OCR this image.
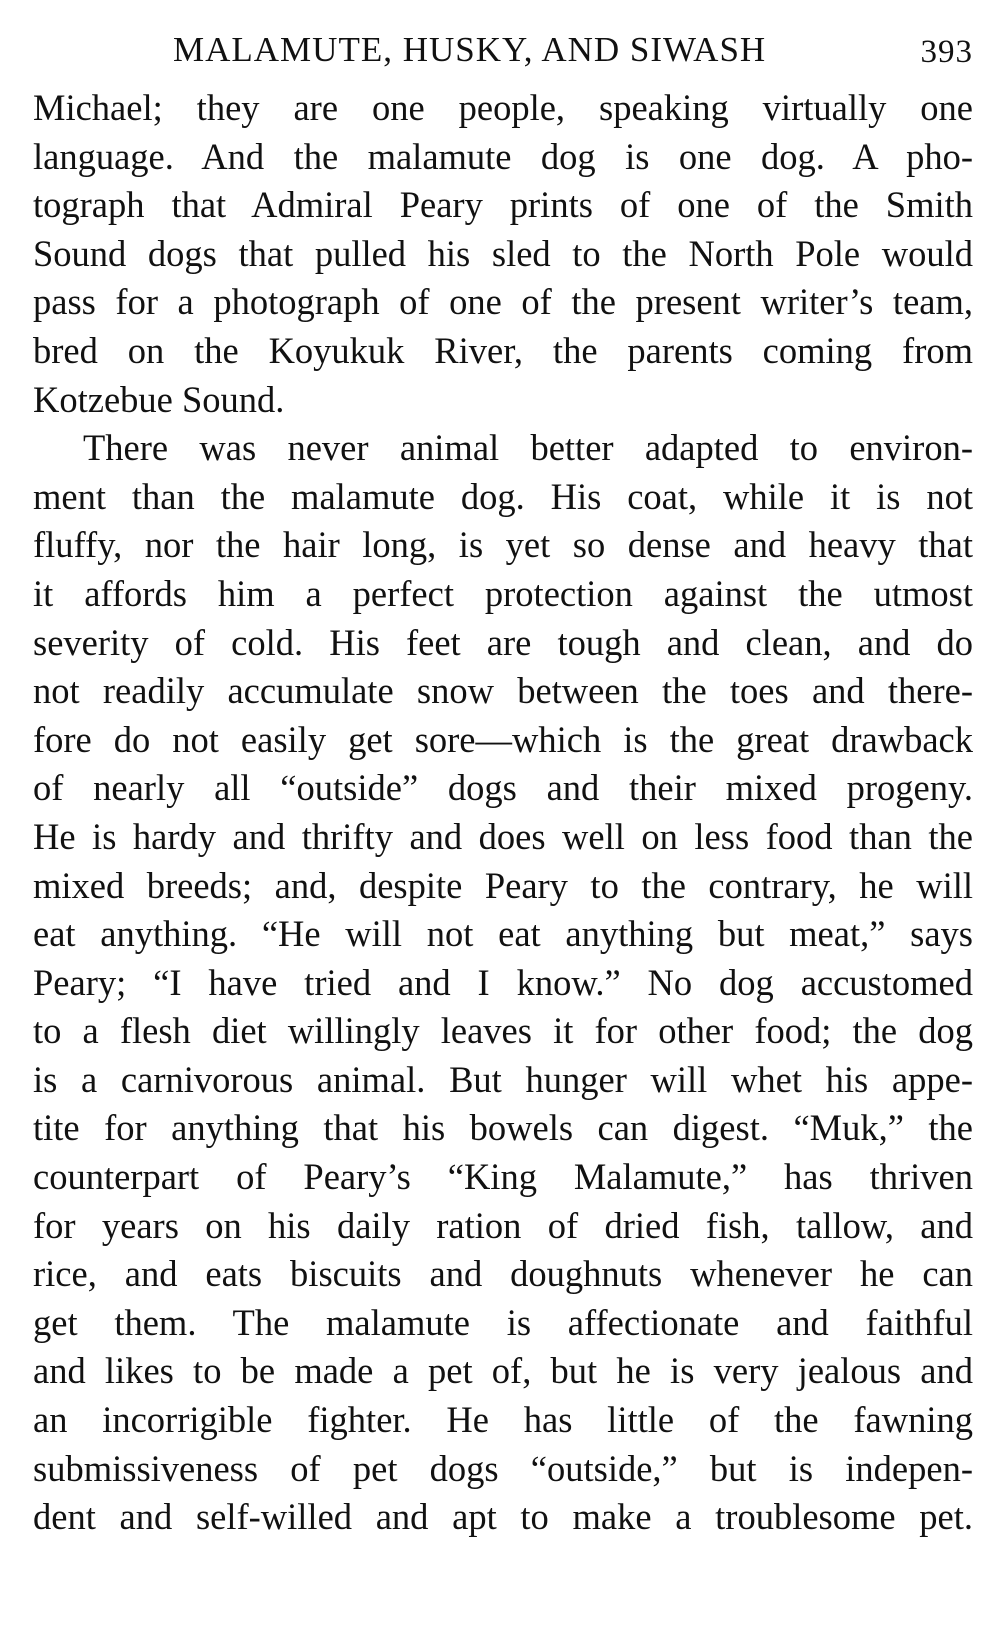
MALAMUTE, HUSKY, AND SIWASH	393
Michael; they are one people, speaking virtually one
language. And the malamute dog is one dog. A pho-
tograph that Admiral Peary prints of one of the Smith
Sound dogs that pulled his sled to the North Pole would
pass for a photograph of one of the present writer’s team,
bred on the Koyukuk River, the parents coming from
Kotzebue Sound.
There was never animal better adapted to environ-
ment than the malamute dog. His coat, while it is not
fluffy, nor the hair long, is yet so dense and heavy that
it affords him a perfect protection against the utmost
severity of cold. His feet are tough and clean, and do
not readily accumulate snow between the toes and there-
fore do not easily get sore—which is the great drawback
of nearly all “outside” dogs and their mixed progeny.
He is hardy and thrifty and does well on less food than the
mixed breeds; and, despite Peary to the contrary, he will
eat anything. “He will not eat anything but meat,” says
Peary; “I have tried and I know.” No dog accustomed
to a flesh diet willingly leaves it for other food; the dog
is a carnivorous animal. But hunger will whet his appe-
tite for anything that his bowels can digest. “Muk,” the
counterpart of Peary’s “King Malamute,” has thriven
for years on his daily ration of dried fish, tallow, and
rice, and eats biscuits and doughnuts whenever he can
get them. The malamute is affectionate and faithful
and likes to be made a pet of, but he is very jealous and
an incorrigible fighter. He has little of the fawning
submissiveness of pet dogs “outside,” but is indepen-
dent and self-willed and apt to make a troublesome pet.
